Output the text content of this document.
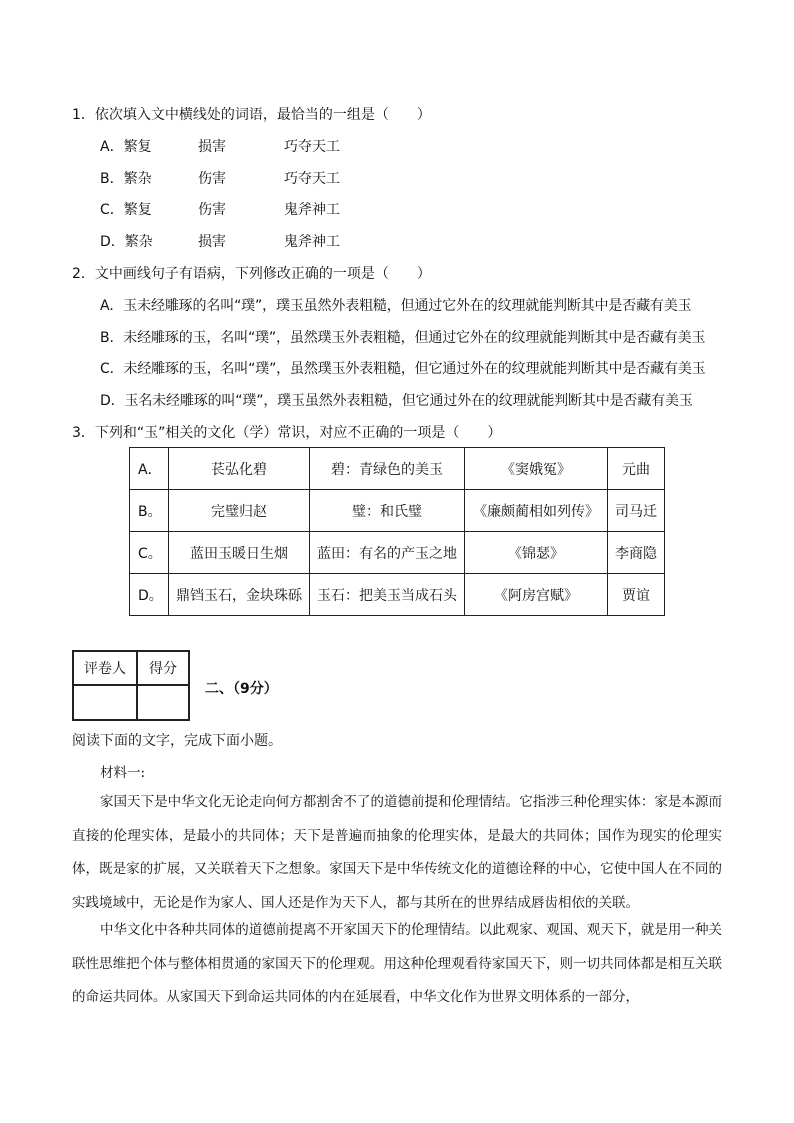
1．依次填入文中横线处的词语，最恰当的一组是（　　）
A．繁复	损害	巧夺天工
B．繁杂	伤害	巧夺天工
C．繁复	伤害	鬼斧神工
D．繁杂	损害	鬼斧神工
2．文中画线句子有语病，下列修改正确的一项是（　　）
A．玉未经雕琢的名叫“璞”，璞玉虽然外表粗糙，但通过它外在的纹理就能判断其中是否藏有美玉
B．未经雕琢的玉，名叫“璞”，虽然璞玉外表粗糙，但通过它外在的纹理就能判断其中是否藏有美玉
C．未经雕琢的玉，名叫“璞”，虽然璞玉外表粗糙，但它通过外在的纹理就能判断其中是否藏有美玉
D．玉名未经雕琢的叫“璞”，璞玉虽然外表粗糙，但它通过外在的纹理就能判断其中是否藏有美玉
3．下列和“玉”相关的文化（学）常识，对应不正确的一项是（　　）
A．	苌弘化碧	碧：青绿色的美玉	《窦娥冤》	元曲
B。	完璧归赵	璧：和氏璧	《廉颇蔺相如列传》	司马迁
C。	蓝田玉暖日生烟	蓝田：有名的产玉之地	《锦瑟》	李商隐
D。	鼎铛玉石，金块珠砾	玉石：把美玉当成石头	《阿房宫赋》	贾谊
评卷人	得分

二、（9分）
阅读下面的文字，完成下面小题。
材料一:
家国天下是中华文化无论走向何方都割舍不了的道德前提和伦理情结。它指涉三种伦理实体：家是本源而直接的伦理实体，是最小的共同体；天下是普遍而抽象的伦理实体，是最大的共同体；国作为现实的伦理实体，既是家的扩展，又关联着天下之想象。家国天下是中华传统文化的道德诠释的中心，它使中国人在不同的实践境域中，无论是作为家人、国人还是作为天下人，都与其所在的世界结成唇齿相依的关联。
中华文化中各种共同体的道德前提离不开家国天下的伦理情结。以此观家、观国、观天下，就是用一种关联性思维把个体与整体相贯通的家国天下的伦理观。用这种伦理观看待家国天下，则一切共同体都是相互关联的命运共同体。从家国天下到命运共同体的内在延展看，中华文化作为世界文明体系的一部分，
